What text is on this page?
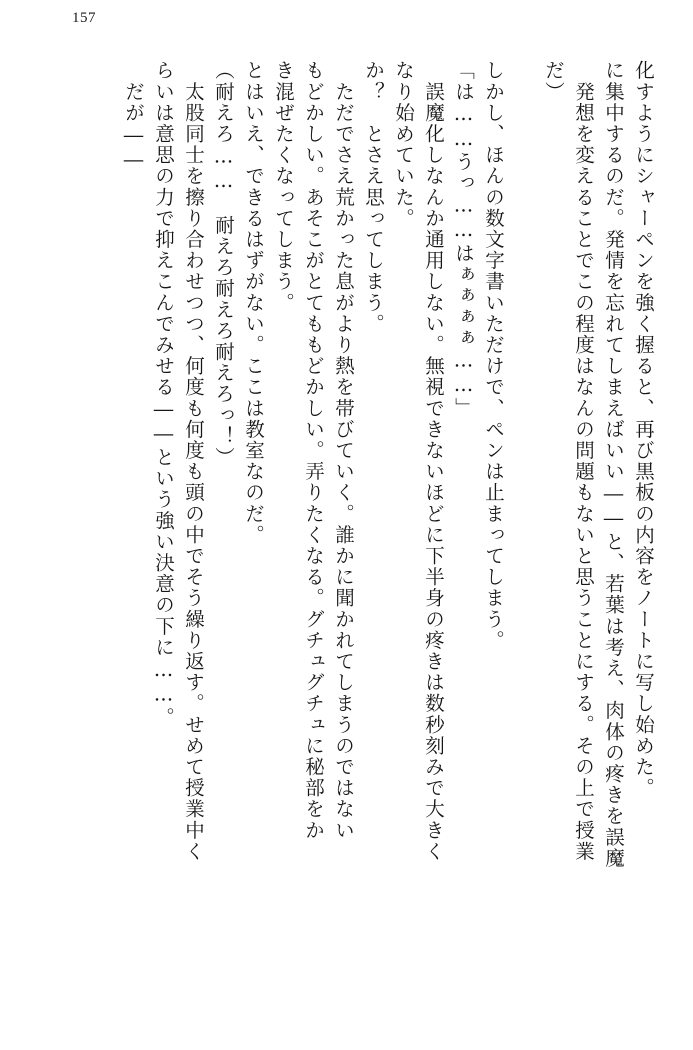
157
化すようにシャーペンを強く握ると、再び黒板の内容をノートに写し始めた。
に集中するのだ。発情を忘れてしまえばいい――と、若葉は考え、肉体の疼きを誤魔
　発想を変えることでこの程度はなんの問題もないと思うことにする。その上で授業
だ）
しかし、ほんの数文字書いただけで、ペンは止まってしまう。
「は……うっ……はぁぁぁぁ……」
　誤魔化しなんか通用しない。無視できないほどに下半身の疼きは数秒刻みで大きく
なり始めていた。
か？　とさえ思ってしまう。
　ただでさえ荒かった息がより熱を帯びていく。誰かに聞かれてしまうのではない
もどかしい。あそこがとてももどかしい。弄りたくなる。グチュグチュに秘部をか
き混ぜたくなってしまう。
とはいえ、できるはずがない。ここは教室なのだ。
（耐えろ……　耐えろ耐えろ耐えろっ！）
　太股同士を擦り合わせつつ、何度も何度も頭の中でそう繰り返す。せめて授業中く
らいは意思の力で抑えこんでみせる――という強い決意の下に……。
　だが――
